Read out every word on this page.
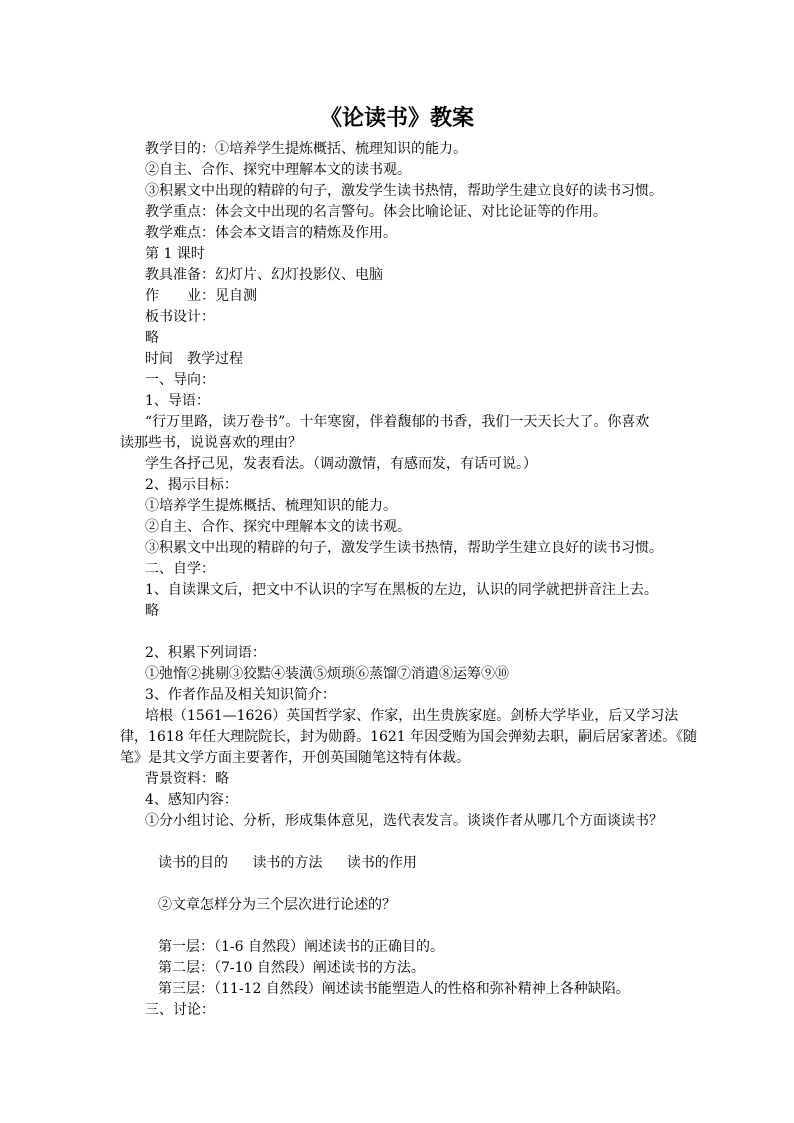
《论读书》教案
教学目的：①培养学生提炼概括、梳理知识的能力。
②自主、合作、探究中理解本文的读书观。
③积累文中出现的精辟的句子，激发学生读书热情，帮助学生建立良好的读书习惯。
教学重点：体会文中出现的名言警句。体会比喻论证、对比论证等的作用。
教学难点：体会本文语言的精炼及作用。
第 1 课时
教具准备：幻灯片、幻灯投影仪、电脑
作　　业：见自测
板书设计：
略
时间　教学过程
一、导向：
1、导语：
“行万里路，读万卷书”。十年寒窗，伴着馥郁的书香，我们一天天长大了。你喜欢
读那些书，说说喜欢的理由？
学生各抒己见，发表看法。（调动激情，有感而发，有话可说。）
2、揭示目标：
①培养学生提炼概括、梳理知识的能力。
②自主、合作、探究中理解本文的读书观。
③积累文中出现的精辟的句子，激发学生读书热情，帮助学生建立良好的读书习惯。
二、自学：
1、自读课文后，把文中不认识的字写在黑板的左边，认识的同学就把拼音注上去。
略
2、积累下列词语：
①弛惰②挑剔③狡黠④装潢⑤烦琐⑥蒸馏⑦消遣⑧运筹⑨⑩
3、作者作品及相关知识简介：
培根（1561—1626）英国哲学家、作家，出生贵族家庭。剑桥大学毕业，后又学习法
律，1618 年任大理院院长，封为勋爵。1621 年因受贿为国会弹劾去职，嗣后居家著述。《随
笔》是其文学方面主要著作，开创英国随笔这特有体裁。
背景资料：略
4、感知内容：
①分小组讨论、分析，形成集体意见，选代表发言。谈谈作者从哪几个方面谈读书？
读书的目的 读书的方法 读书的作用
②文章怎样分为三个层次进行论述的？
第一层：（1-6 自然段）阐述读书的正确目的。
第二层：（7-10 自然段）阐述读书的方法。
第三层：（11-12 自然段）阐述读书能塑造人的性格和弥补精神上各种缺陷。
三、讨论：
